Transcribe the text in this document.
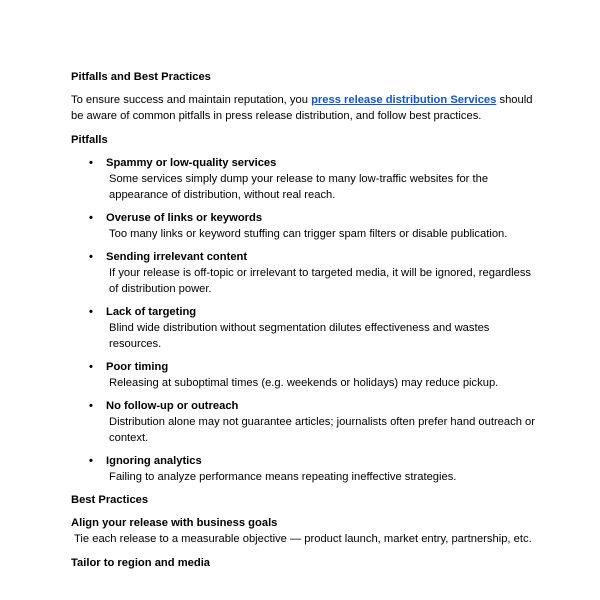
Pitfalls and Best Practices

To ensure success and maintain reputation, you press release distribution Services should be aware of common pitfalls in press release distribution, and follow best practices.

Pitfalls
• Spammy or low-quality services
Some services simply dump your release to many low-traffic websites for the appearance of distribution, without real reach.
• Overuse of links or keywords
Too many links or keyword stuffing can trigger spam filters or disable publication.
• Sending irrelevant content
If your release is off-topic or irrelevant to targeted media, it will be ignored, regardless of distribution power.
• Lack of targeting
Blind wide distribution without segmentation dilutes effectiveness and wastes resources.
• Poor timing
Releasing at suboptimal times (e.g. weekends or holidays) may reduce pickup.
• No follow-up or outreach
Distribution alone may not guarantee articles; journalists often prefer hand outreach or context.
• Ignoring analytics
Failing to analyze performance means repeating ineffective strategies.
Best Practices
Align your release with business goals
Tie each release to a measurable objective — product launch, market entry, partnership, etc.
Tailor to region and media
